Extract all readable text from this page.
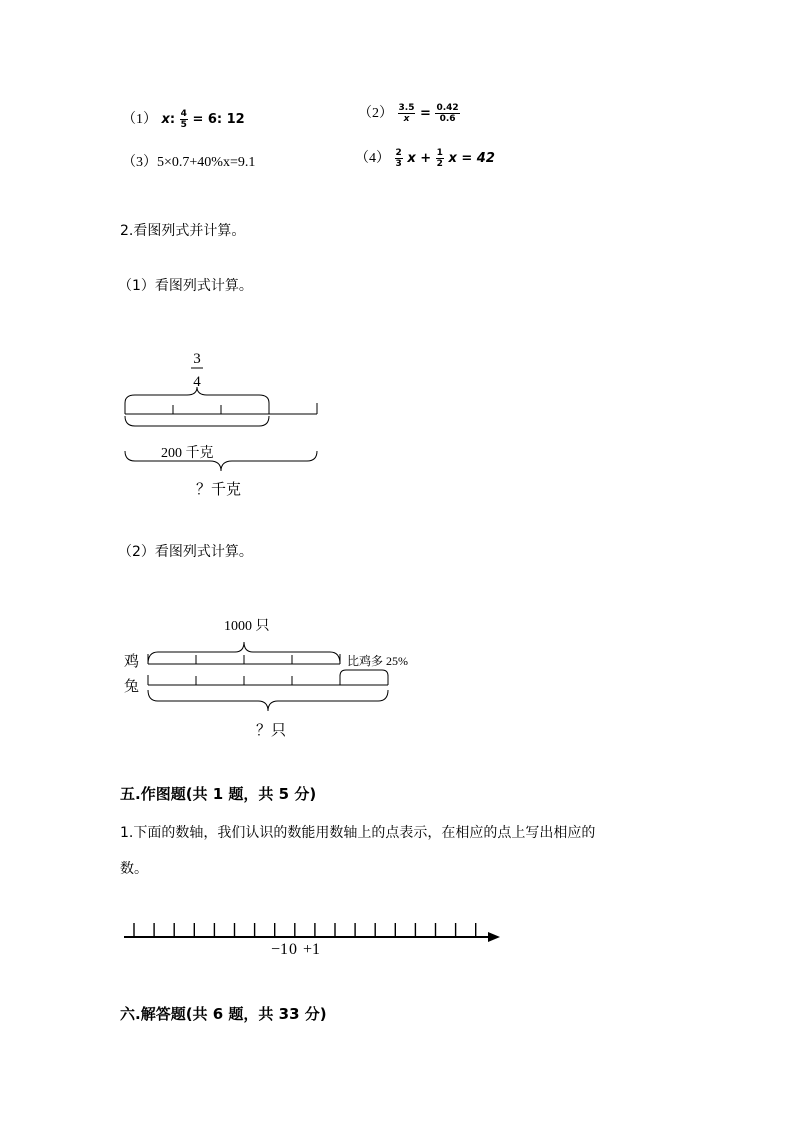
（1） x: $\frac{4}{5} = 6$: 12	$(2) \frac{3.5}{x} = \frac{0.42}{0.6}$
（3）5×0.7+40%x=9.1	$(4) \frac{2}{3}$ $x + \frac{1}{2}$ x = 42
2.看图列式并计算。
（1）看图列式计算。
3
4
200 千克
？千克
（2）看图列式计算。
1000 只
鸡	比鸡多 25%
兔
？只
五.作图题(共 1 题，共 5 分)
1.下面的数轴，我们认识的数能用数轴上的点表示，在相应的点上写出相应的
数。
−1 0 +1
六.解答题(共 6 题，共 33 分)
